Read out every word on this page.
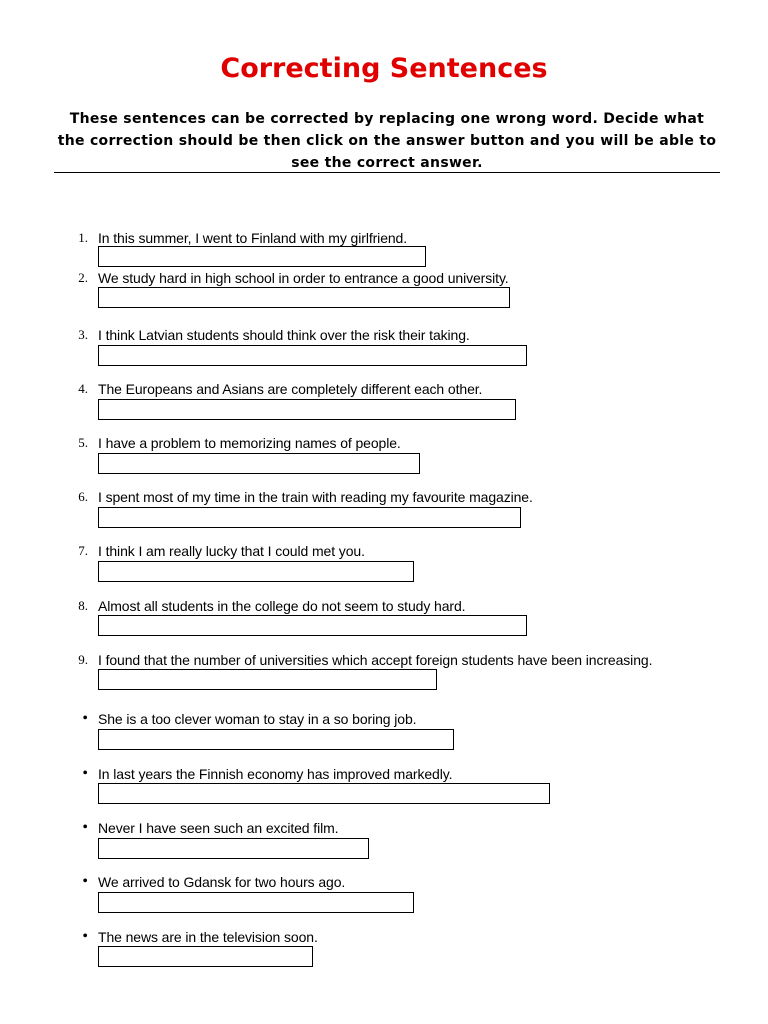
Correcting Sentences
These sentences can be corrected by replacing one wrong word. Decide what the correction should be then click on the answer button and you will be able to see the correct answer.
1. In this summer, I went to Finland with my girlfriend.
2. We study hard in high school in order to entrance a good university.
3. I think Latvian students should think over the risk their taking.
4. The Europeans and Asians are completely different each other.
5. I have a problem to memorizing names of people.
6. I spent most of my time in the train with reading my favourite magazine.
7. I think I am really lucky that I could met you.
8. Almost all students in the college do not seem to study hard.
9. I found that the number of universities which accept foreign students have been increasing.
• She is a too clever woman to stay in a so boring job.
• In last years the Finnish economy has improved markedly.
• Never I have seen such an excited film.
• We arrived to Gdansk for two hours ago.
• The news are in the television soon.
